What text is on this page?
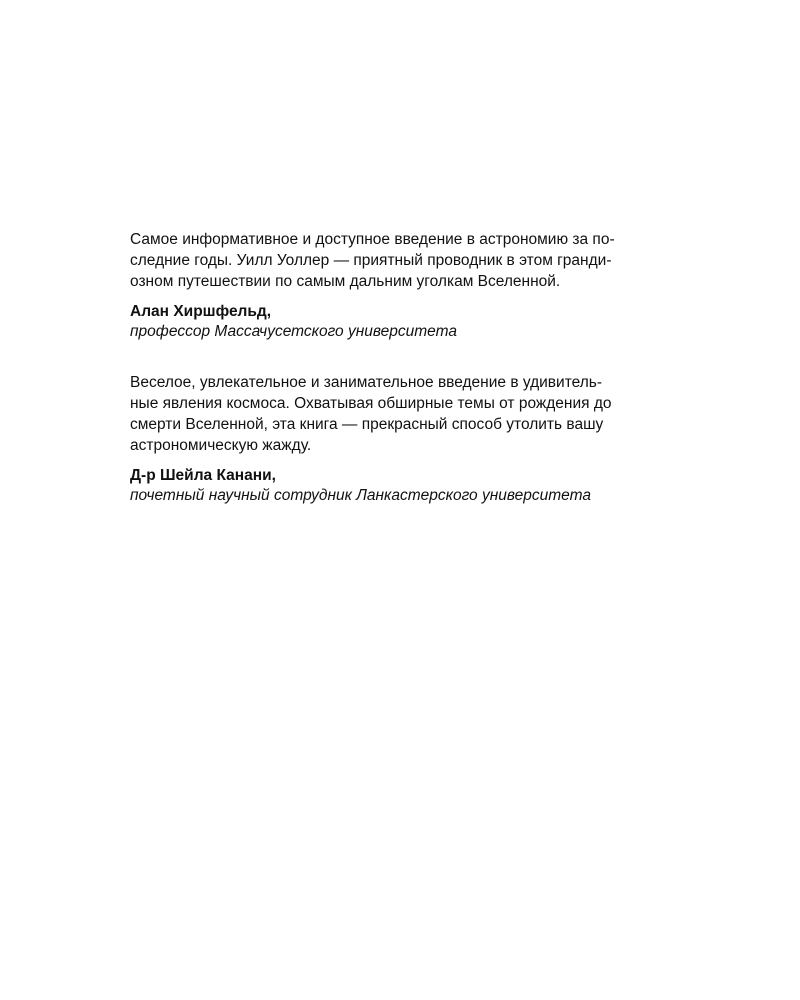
Самое информативное и доступное введение в астрономию за по-
следние годы. Уилл Уоллер — приятный проводник в этом гранди-
озном путешествии по самым дальним уголкам Вселенной.

Алан Хиршфельд,
профессор Массачусетского университета

Веселое, увлекательное и занимательное введение в удивитель-
ные явления космоса. Охватывая обширные темы от рождения до
смерти Вселенной, эта книга — прекрасный способ утолить вашу
астрономическую жажду.

Д-р Шейла Канани,
почетный научный сотрудник Ланкастерского университета
